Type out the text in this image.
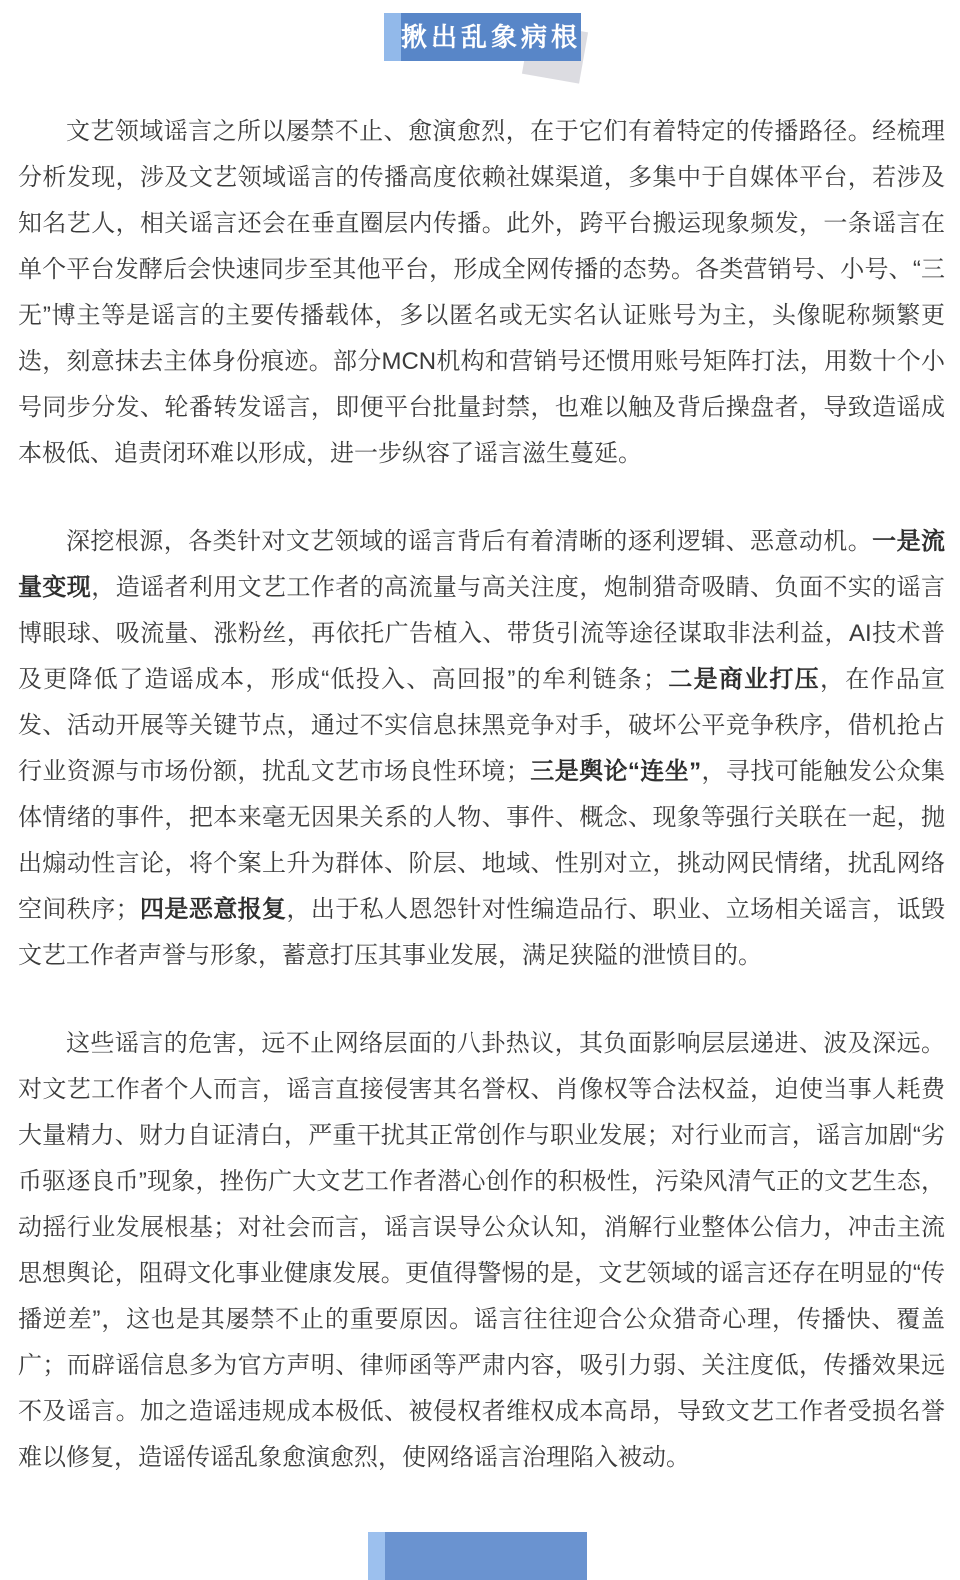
揪出乱象病根

文艺领域谣言之所以屡禁不止、愈演愈烈，在于它们有着特定的传播路径。经梳理分析发现，涉及文艺领域谣言的传播高度依赖社媒渠道，多集中于自媒体平台，若涉及知名艺人，相关谣言还会在垂直圈层内传播。此外，跨平台搬运现象频发，一条谣言在单个平台发酵后会快速同步至其他平台，形成全网传播的态势。各类营销号、小号、“三无”博主等是谣言的主要传播载体，多以匿名或无实名认证账号为主，头像昵称频繁更迭，刻意抹去主体身份痕迹。部分MCN机构和营销号还惯用账号矩阵打法，用数十个小号同步分发、轮番转发谣言，即便平台批量封禁，也难以触及背后操盘者，导致造谣成本极低、追责闭环难以形成，进一步纵容了谣言滋生蔓延。

深挖根源，各类针对文艺领域的谣言背后有着清晰的逐利逻辑、恶意动机。一是流量变现，造谣者利用文艺工作者的高流量与高关注度，炮制猎奇吸睛、负面不实的谣言博眼球、吸流量、涨粉丝，再依托广告植入、带货引流等途径谋取非法利益，AI技术普及更降低了造谣成本，形成“低投入、高回报”的牟利链条；二是商业打压，在作品宣发、活动开展等关键节点，通过不实信息抹黑竞争对手，破坏公平竞争秩序，借机抢占行业资源与市场份额，扰乱文艺市场良性环境；三是舆论“连坐”，寻找可能触发公众集体情绪的事件，把本来毫无因果关系的人物、事件、概念、现象等强行关联在一起，抛出煽动性言论，将个案上升为群体、阶层、地域、性别对立，挑动网民情绪，扰乱网络空间秩序；四是恶意报复，出于私人恩怨针对性编造品行、职业、立场相关谣言，诋毁文艺工作者声誉与形象，蓄意打压其事业发展，满足狭隘的泄愤目的。

这些谣言的危害，远不止网络层面的八卦热议，其负面影响层层递进、波及深远。对文艺工作者个人而言，谣言直接侵害其名誉权、肖像权等合法权益，迫使当事人耗费大量精力、财力自证清白，严重干扰其正常创作与职业发展；对行业而言，谣言加剧“劣币驱逐良币”现象，挫伤广大文艺工作者潜心创作的积极性，污染风清气正的文艺生态，动摇行业发展根基；对社会而言，谣言误导公众认知，消解行业整体公信力，冲击主流思想舆论，阻碍文化事业健康发展。更值得警惕的是，文艺领域的谣言还存在明显的“传播逆差”，这也是其屡禁不止的重要原因。谣言往往迎合公众猎奇心理，传播快、覆盖广；而辟谣信息多为官方声明、律师函等严肃内容，吸引力弱、关注度低，传播效果远不及谣言。加之造谣违规成本极低、被侵权者维权成本高昂，导致文艺工作者受损名誉难以修复，造谣传谣乱象愈演愈烈，使网络谣言治理陷入被动。
